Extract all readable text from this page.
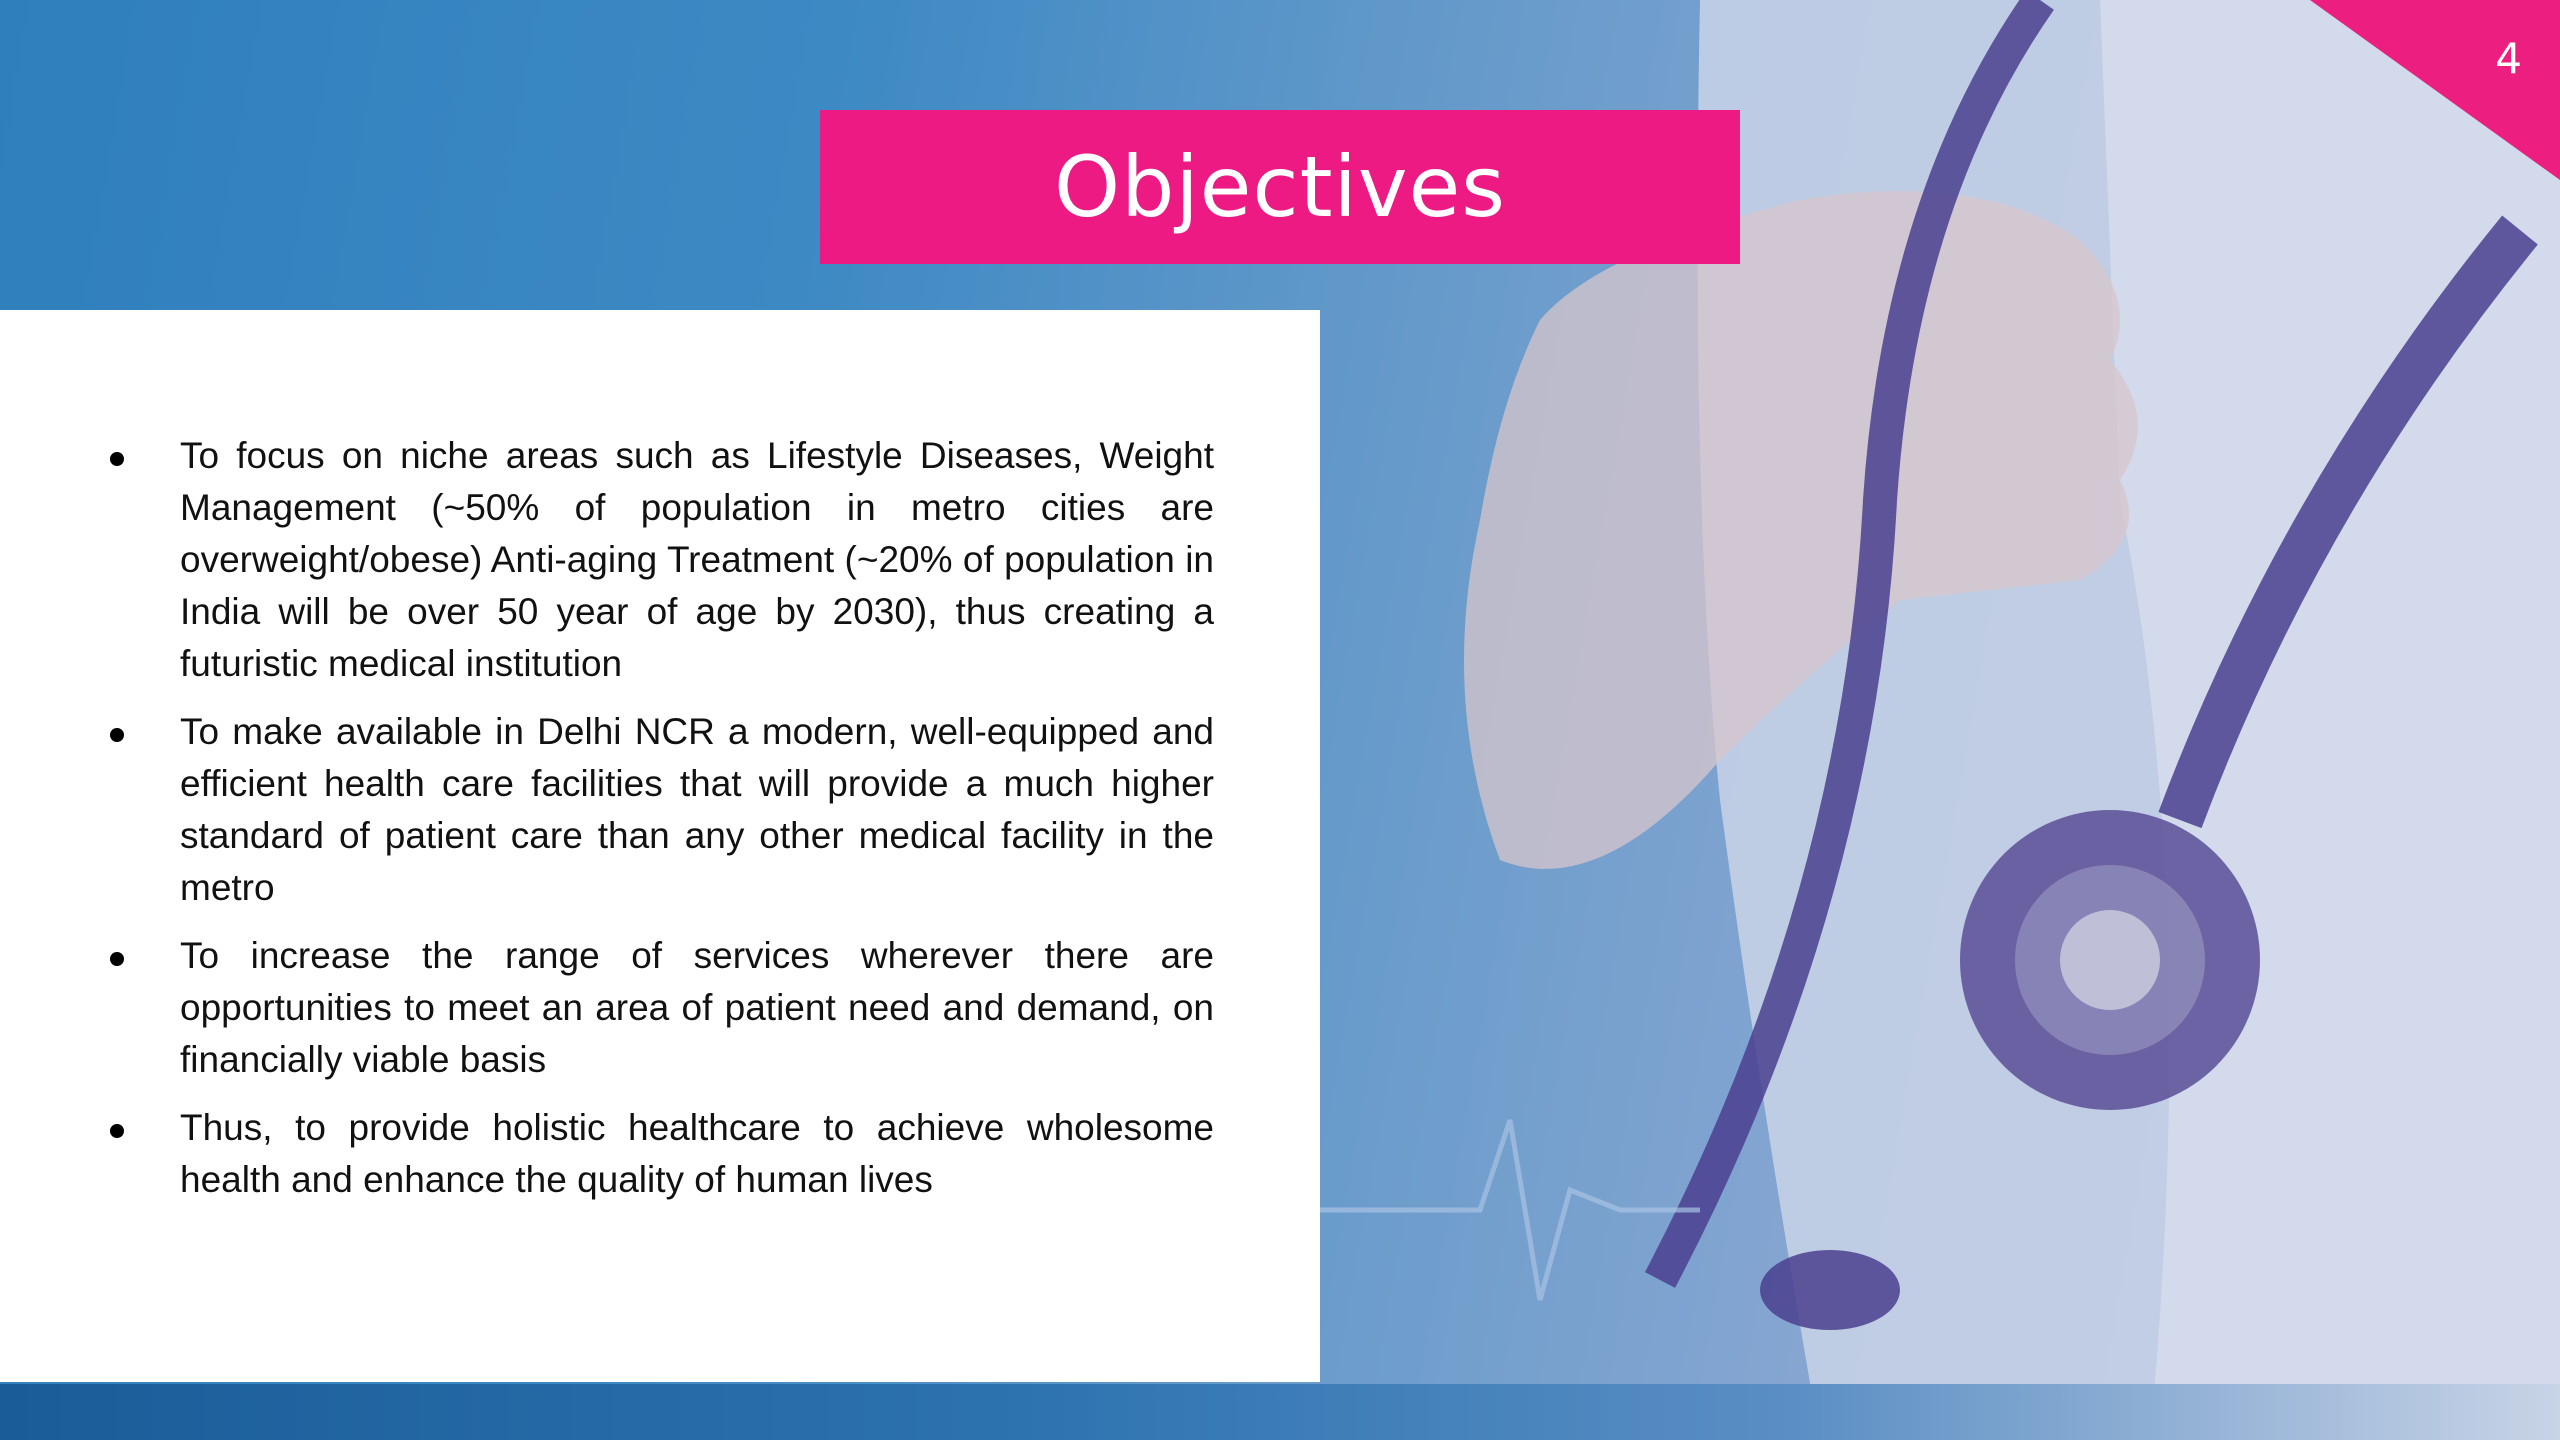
4
Objectives
To focus on niche areas such as Lifestyle Diseases, Weight Management (~50% of population in metro cities are overweight/obese) Anti-aging Treatment (~20% of population in India will be over 50 year of age by 2030), thus creating a futuristic medical institution
To make available in Delhi NCR a modern, well-equipped and efficient health care facilities that will provide a much higher standard of patient care than any other medical facility in the metro
To increase the range of services wherever there are opportunities to meet an area of patient need and demand, on financially viable basis
Thus, to provide holistic healthcare to achieve wholesome health and enhance the quality of human lives
